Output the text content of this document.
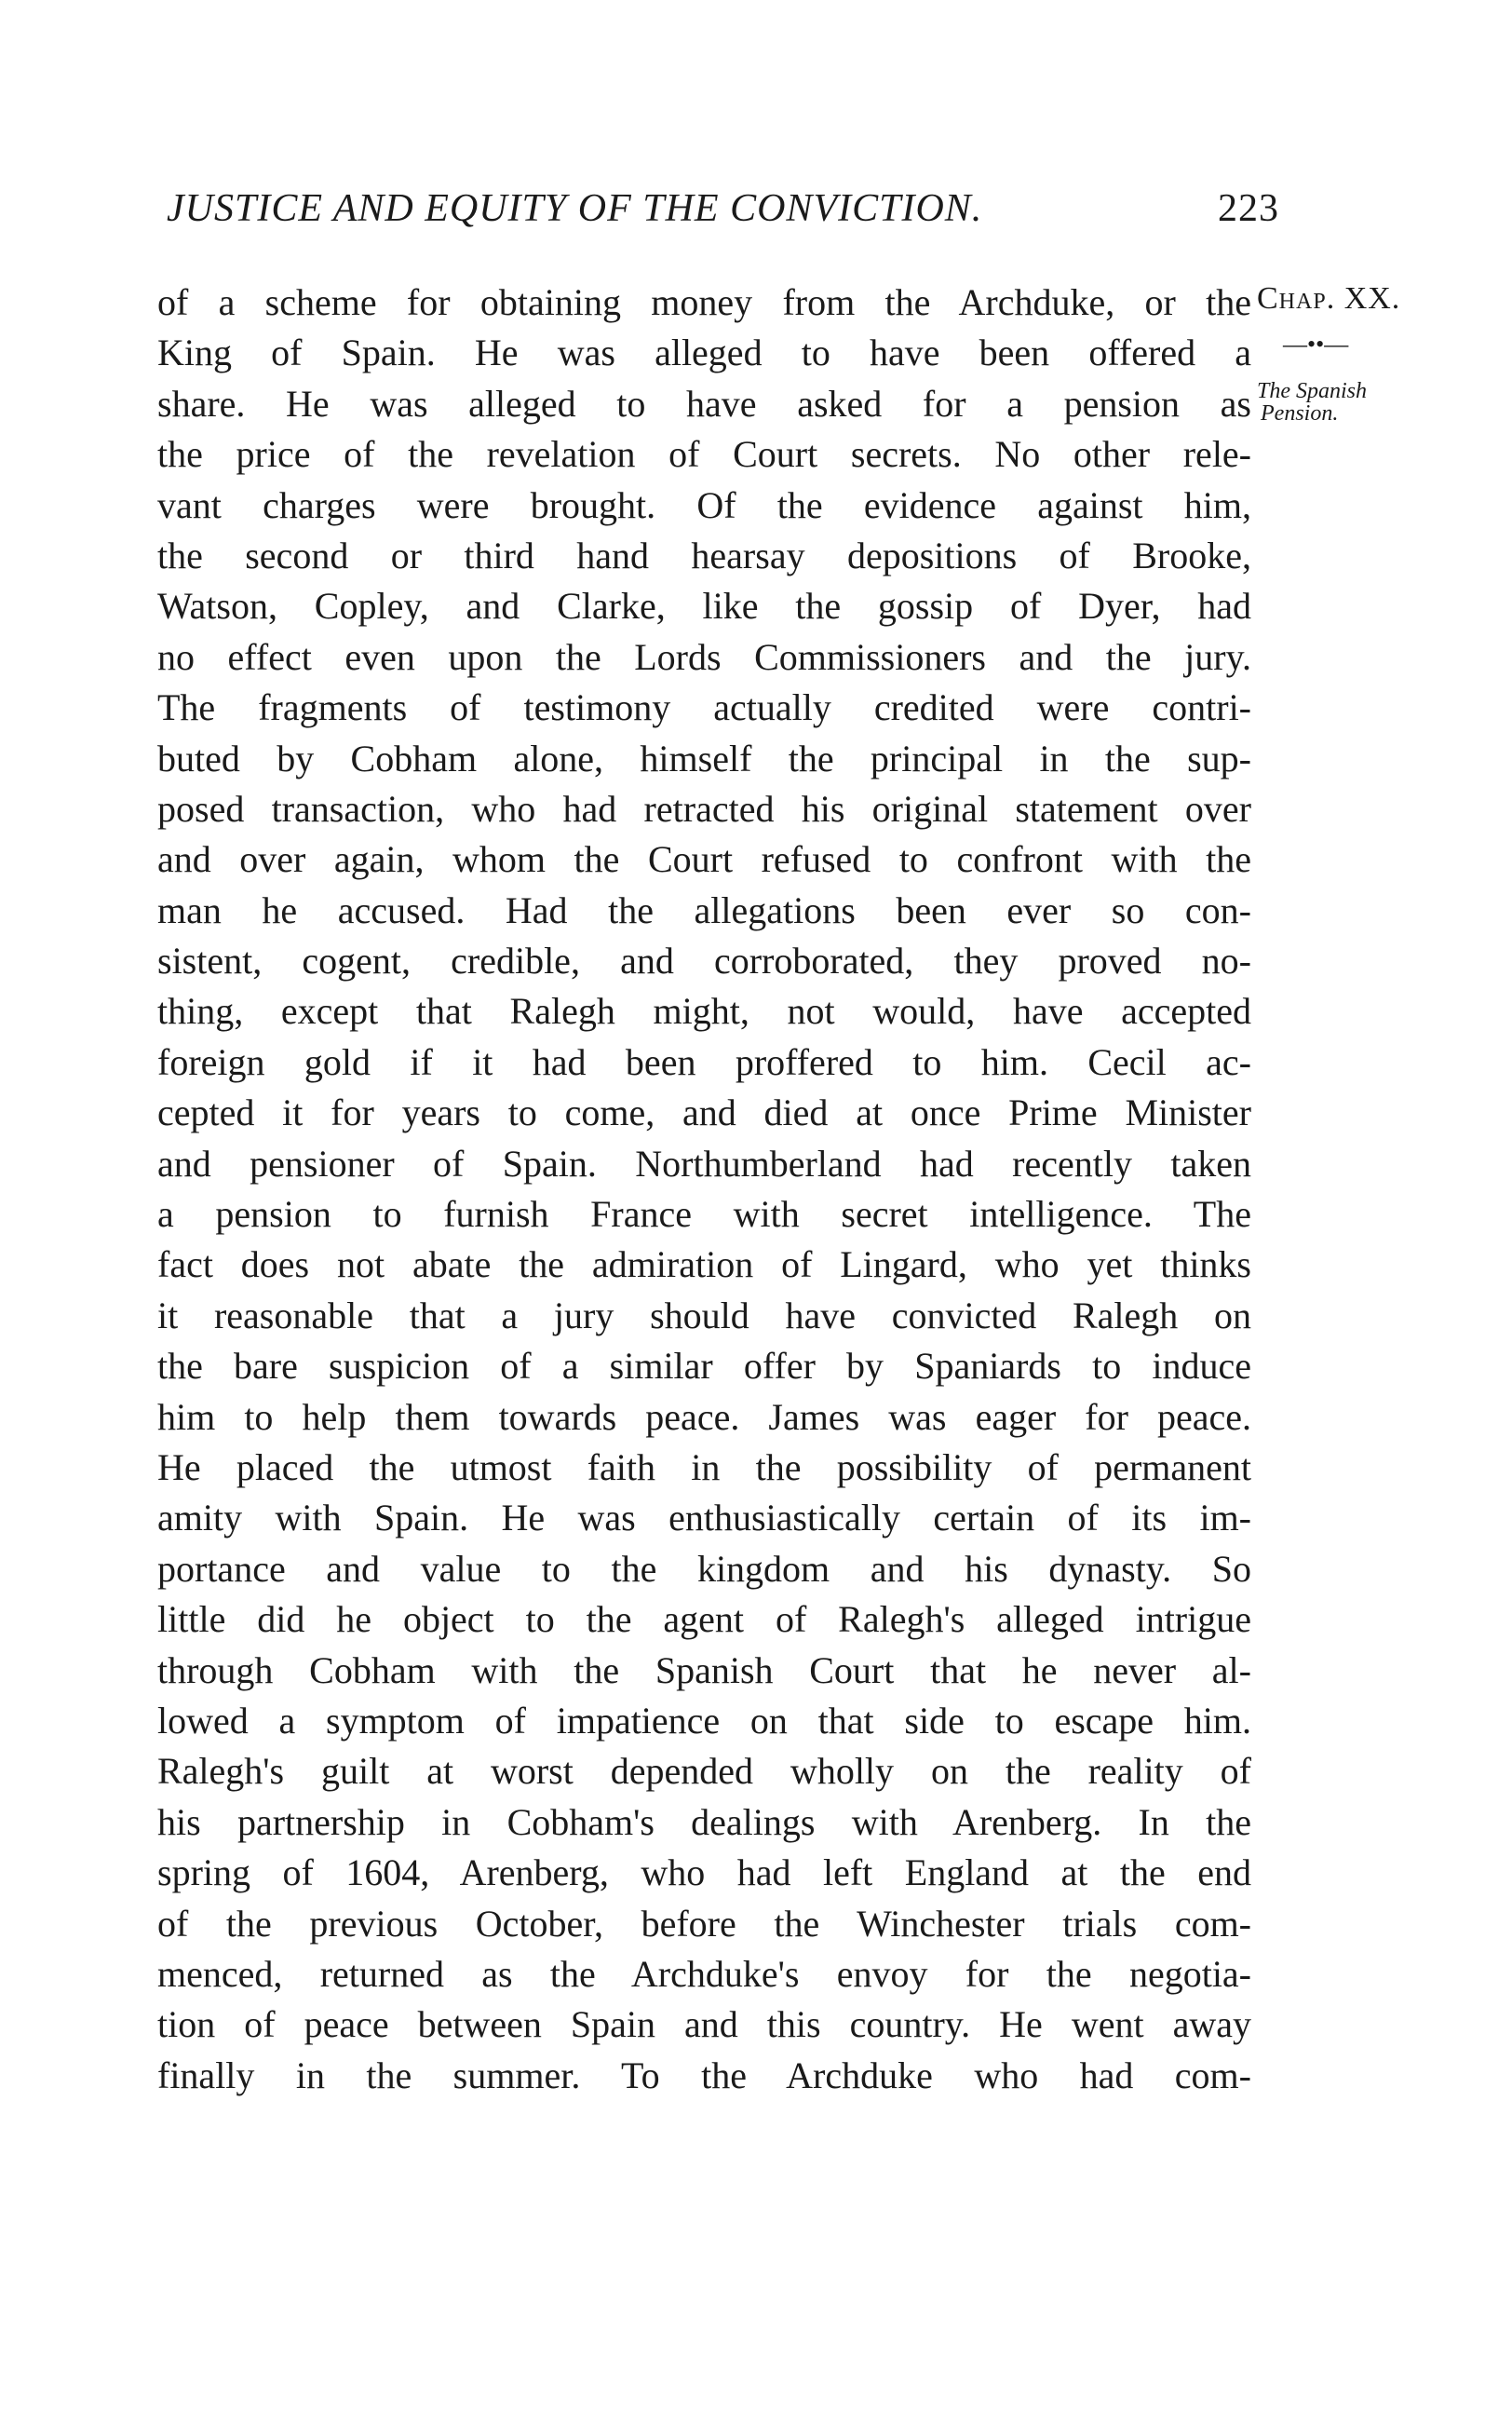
JUSTICE AND EQUITY OF THE CONVICTION.	223
Chap. XX.
—••—
The Spanish
Pension.
of a scheme for obtaining money from the Archduke, or the
King of Spain. He was alleged to have been offered a
share. He was alleged to have asked for a pension as
the price of the revelation of Court secrets. No other rele-
vant charges were brought. Of the evidence against him,
the second or third hand hearsay depositions of Brooke,
Watson, Copley, and Clarke, like the gossip of Dyer, had
no effect even upon the Lords Commissioners and the jury.
The fragments of testimony actually credited were contri-
buted by Cobham alone, himself the principal in the sup-
posed transaction, who had retracted his original statement over
and over again, whom the Court refused to confront with the
man he accused. Had the allegations been ever so con-
sistent, cogent, credible, and corroborated, they proved no-
thing, except that Ralegh might, not would, have accepted
foreign gold if it had been proffered to him. Cecil ac-
cepted it for years to come, and died at once Prime Minister
and pensioner of Spain. Northumberland had recently taken
a pension to furnish France with secret intelligence. The
fact does not abate the admiration of Lingard, who yet thinks
it reasonable that a jury should have convicted Ralegh on
the bare suspicion of a similar offer by Spaniards to induce
him to help them towards peace. James was eager for peace.
He placed the utmost faith in the possibility of permanent
amity with Spain. He was enthusiastically certain of its im-
portance and value to the kingdom and his dynasty. So
little did he object to the agent of Ralegh's alleged intrigue
through Cobham with the Spanish Court that he never al-
lowed a symptom of impatience on that side to escape him.
Ralegh's guilt at worst depended wholly on the reality of
his partnership in Cobham's dealings with Arenberg. In the
spring of 1604, Arenberg, who had left England at the end
of the previous October, before the Winchester trials com-
menced, returned as the Archduke's envoy for the negotia-
tion of peace between Spain and this country. He went away
finally in the summer. To the Archduke who had com-
